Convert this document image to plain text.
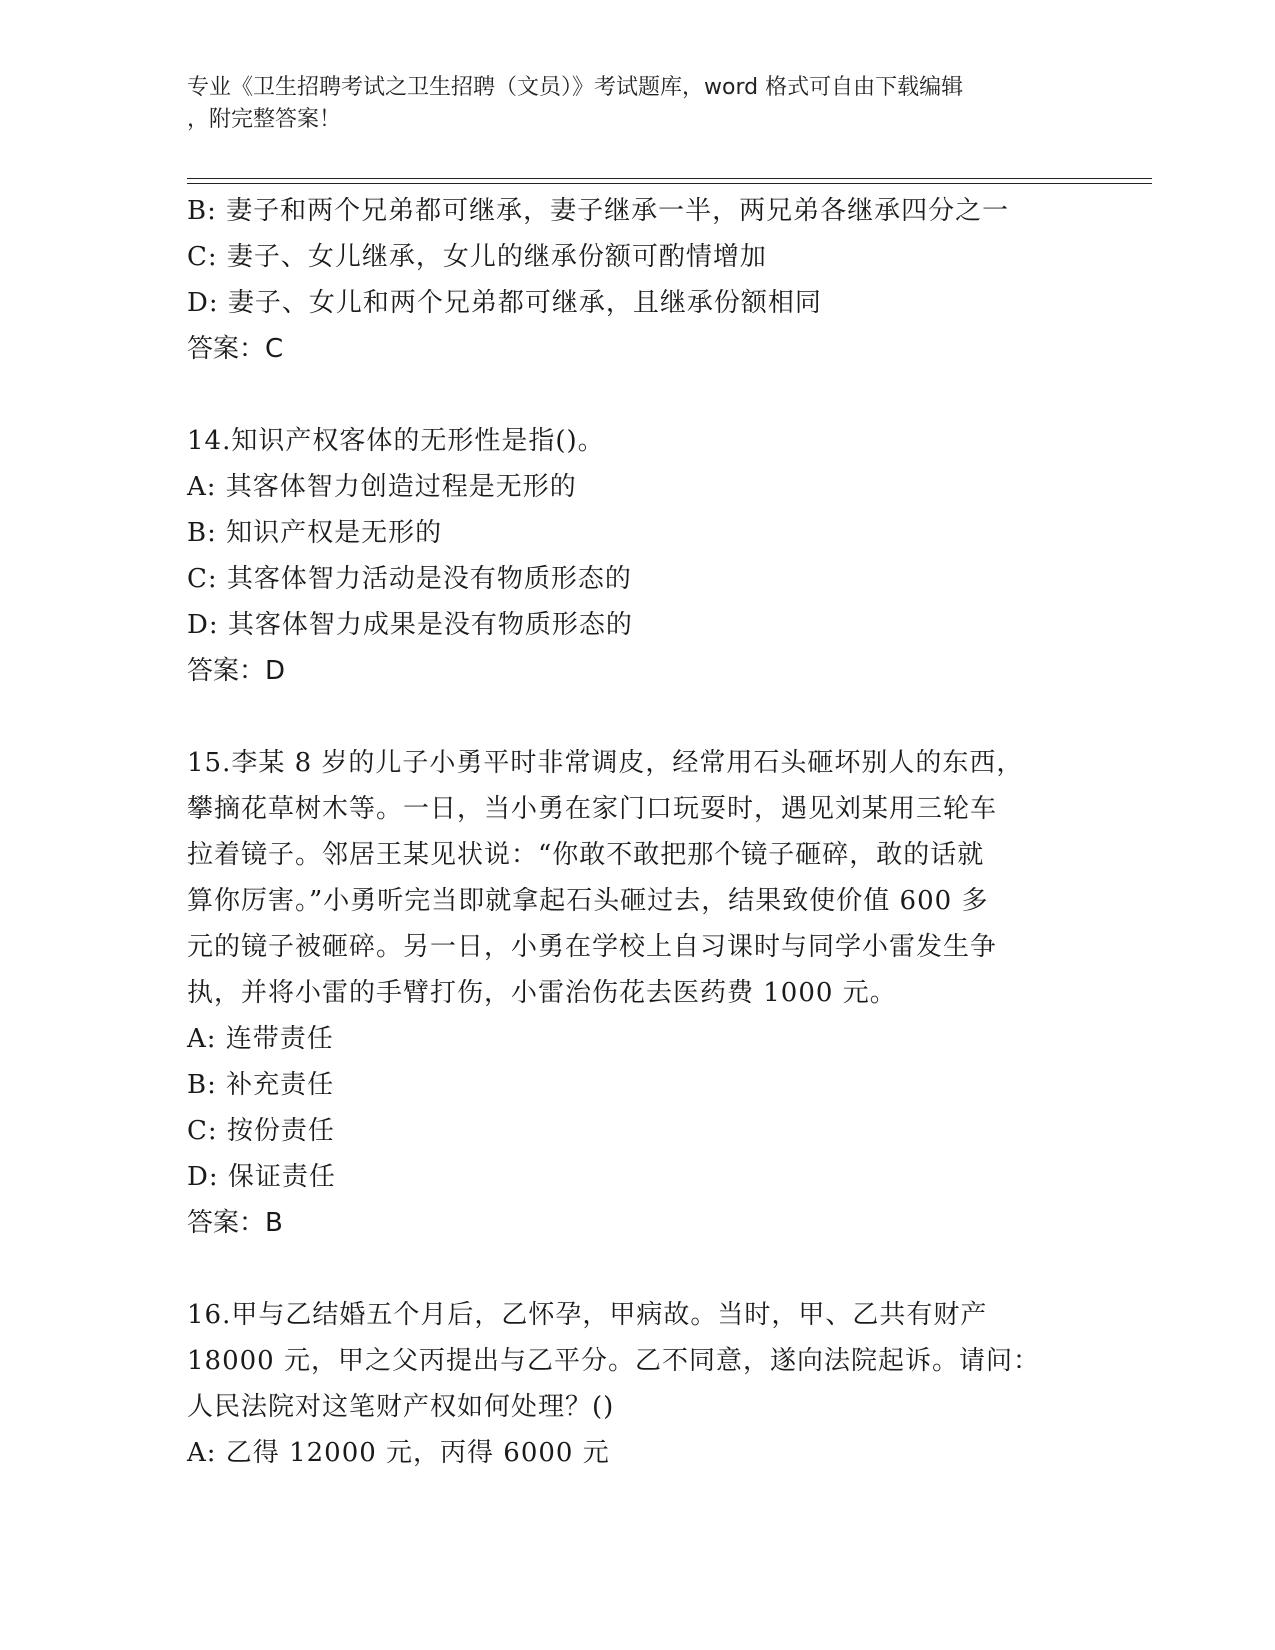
专业《卫生招聘考试之卫生招聘（文员）》考试题库，word 格式可自由下载编辑
，附完整答案！
B: 妻子和两个兄弟都可继承，妻子继承一半，两兄弟各继承四分之一
C: 妻子、女儿继承，女儿的继承份额可酌情增加
D: 妻子、女儿和两个兄弟都可继承，且继承份额相同
答案：C
14.知识产权客体的无形性是指()。
A: 其客体智力创造过程是无形的
B: 知识产权是无形的
C: 其客体智力活动是没有物质形态的
D: 其客体智力成果是没有物质形态的
答案：D
15.李某 8 岁的儿子小勇平时非常调皮，经常用石头砸坏别人的东西，
攀摘花草树木等。一日，当小勇在家门口玩耍时，遇见刘某用三轮车
拉着镜子。邻居王某见状说：“你敢不敢把那个镜子砸碎，敢的话就
算你厉害。”小勇听完当即就拿起石头砸过去，结果致使价值 600 多
元的镜子被砸碎。另一日，小勇在学校上自习课时与同学小雷发生争
执，并将小雷的手臂打伤，小雷治伤花去医药费 1000 元。
A: 连带责任
B: 补充责任
C: 按份责任
D: 保证责任
答案：B
16.甲与乙结婚五个月后，乙怀孕，甲病故。当时，甲、乙共有财产
18000 元，甲之父丙提出与乙平分。乙不同意，遂向法院起诉。请问：
人民法院对这笔财产权如何处理？()
A: 乙得 12000 元，丙得 6000 元
